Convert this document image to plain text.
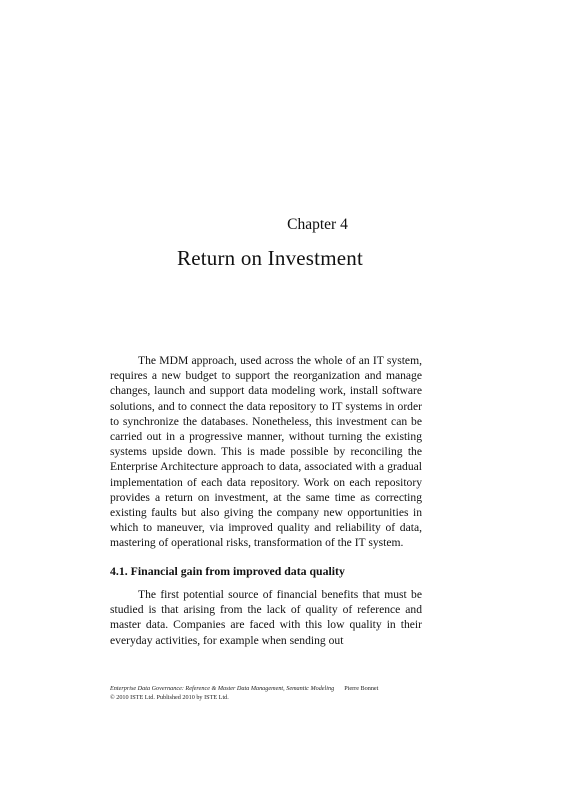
Chapter 4
Return on Investment

The MDM approach, used across the whole of an IT system, requires a new budget to support the reorganization and manage changes, launch and support data modeling work, install software solutions, and to connect the data repository to IT systems in order to synchronize the databases. Nonetheless, this investment can be carried out in a progressive manner, without turning the existing systems upside down. This is made possible by reconciling the Enterprise Architecture approach to data, associated with a gradual implementation of each data repository. Work on each repository provides a return on investment, at the same time as correcting existing faults but also giving the company new opportunities in which to maneuver, via improved quality and reliability of data, mastering of operational risks, transformation of the IT system.

4.1. Financial gain from improved data quality

The first potential source of financial benefits that must be studied is that arising from the lack of quality of reference and master data. Companies are faced with this low quality in their everyday activities, for example when sending out

Enterprise Data Governance: Reference & Master Data Management, Semantic Modeling Pierre Bonnet
© 2010 ISTE Ltd. Published 2010 by ISTE Ltd.
